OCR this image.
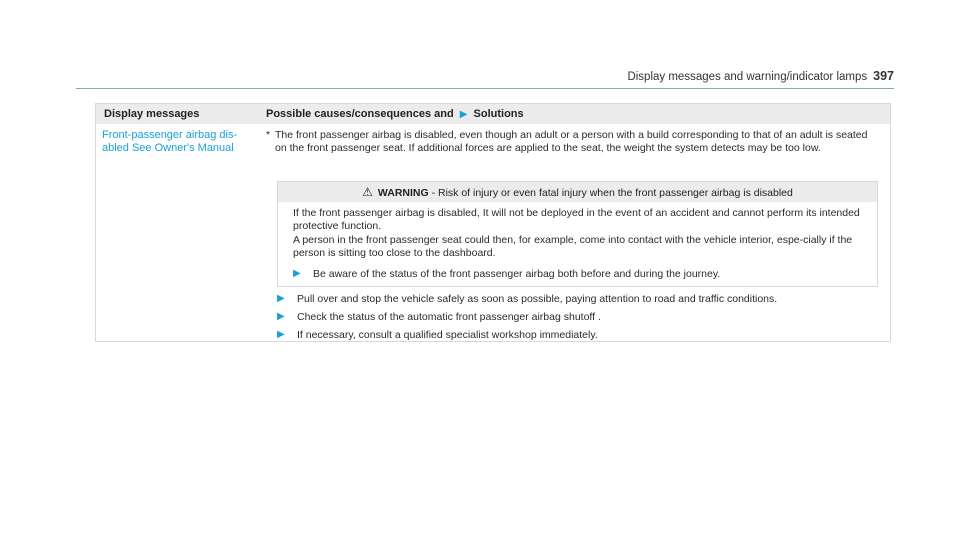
Display messages and warning/indicator lamps 397
Display messages	Possible causes/consequences and ▶ Solutions
Front-passenger airbag dis-
abled See Owner's Manual
* The front passenger airbag is disabled, even though an adult or a person with a build corresponding to that of an adult is seated on the front passenger seat. If additional forces are applied to the seat, the weight the system detects may be too low.
⚠ WARNING - Risk of injury or even fatal injury when the front passenger airbag is disabled

If the front passenger airbag is disabled, It will not be deployed in the event of an accident and cannot perform its intended protective function.

A person in the front passenger seat could then, for example, come into contact with the vehicle interior, espe-cially if the person is sitting too close to the dashboard.

▶ Be aware of the status of the front passenger airbag both before and during the journey.
▶ Pull over and stop the vehicle safely as soon as possible, paying attention to road and traffic conditions.
▶ Check the status of the automatic front passenger airbag shutoff .
▶ If necessary, consult a qualified specialist workshop immediately.
